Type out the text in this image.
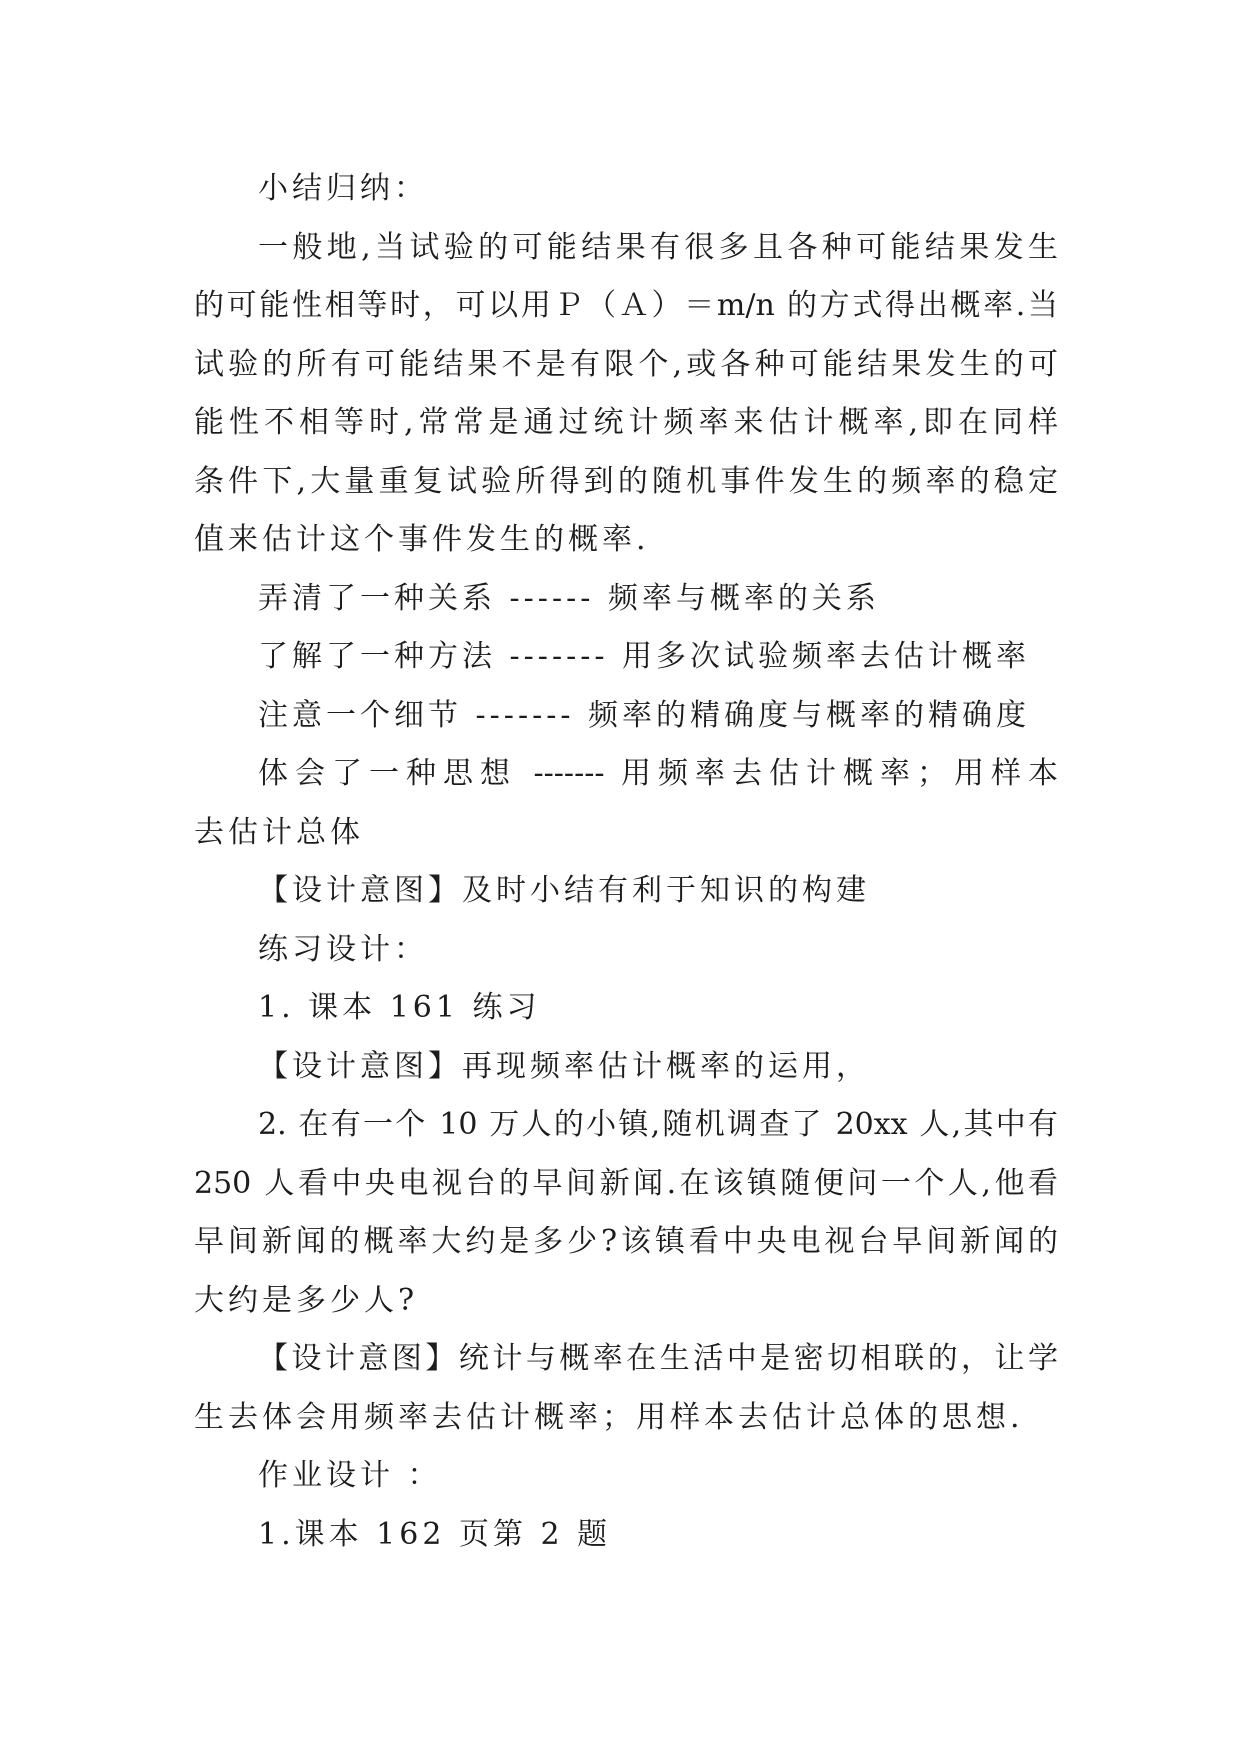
小结归纳：
一般地,当试验的可能结果有很多且各种可能结果发生
的可能性相等时，可以用Ｐ（Ａ）＝m/n 的方式得出概率.当
试验的所有可能结果不是有限个,或各种可能结果发生的可
能性不相等时,常常是通过统计频率来估计概率,即在同样
条件下,大量重复试验所得到的随机事件发生的频率的稳定
值来估计这个事件发生的概率.
弄清了一种关系 ------ 频率与概率的关系
了解了一种方法 ------- 用多次试验频率去估计概率
注意一个细节 ------- 频率的精确度与概率的精确度
体会了一种思想 ------- 用频率去估计概率；用样本
去估计总体
【设计意图】及时小结有利于知识的构建
练习设计：
1. 课本 161 练习
【设计意图】再现频率估计概率的运用，
2. 在有一个 10 万人的小镇,随机调查了 20xx 人,其中有
250 人看中央电视台的早间新闻.在该镇随便问一个人,他看
早间新闻的概率大约是多少?该镇看中央电视台早间新闻的
大约是多少人?
【设计意图】统计与概率在生活中是密切相联的，让学
生去体会用频率去估计概率；用样本去估计总体的思想.
作业设计 ：
1.课本 162 页第 2 题
